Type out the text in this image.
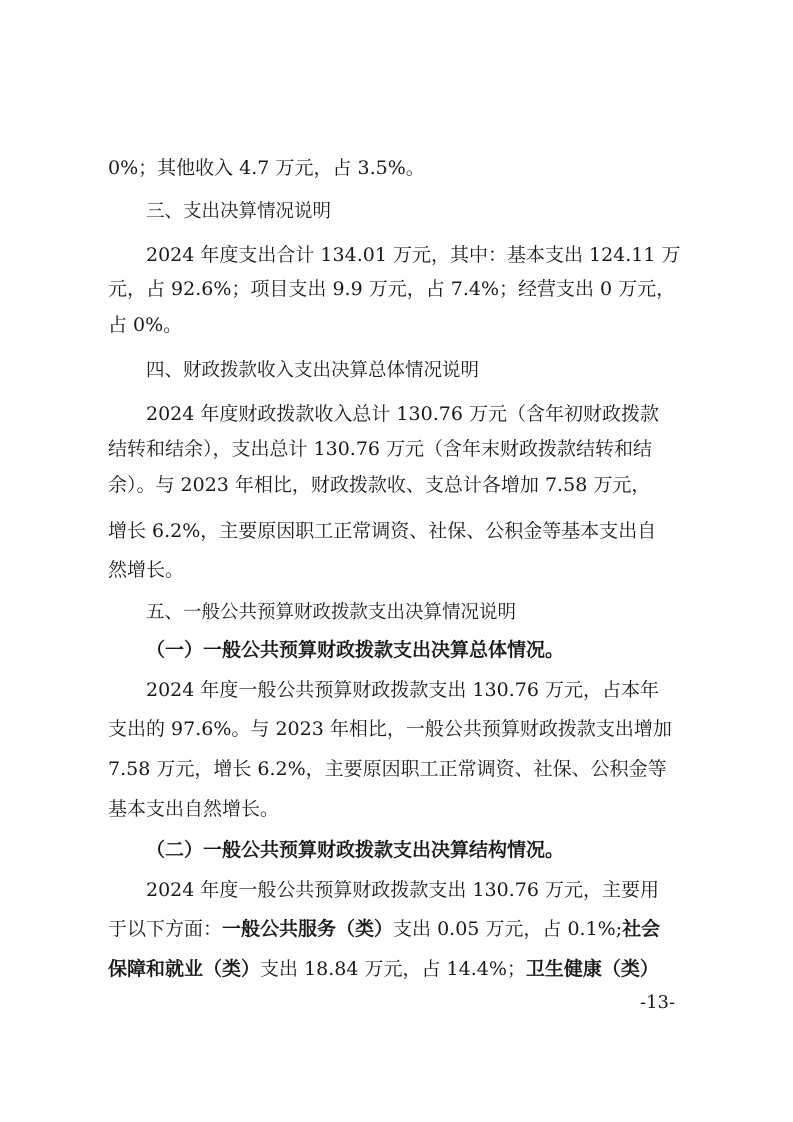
0%；其他收入 4.7 万元，占 3.5%。
三、支出决算情况说明
2024 年度支出合计 134.01 万元，其中：基本支出 124.11 万
元，占 92.6%；项目支出 9.9 万元，占 7.4%；经营支出 0 万元，
占 0%。
四、财政拨款收入支出决算总体情况说明
2024 年度财政拨款收入总计 130.76 万元（含年初财政拨款
结转和结余），支出总计 130.76 万元（含年末财政拨款结转和结
余）。与 2023 年相比，财政拨款收、支总计各增加 7.58 万元，
增长 6.2%，主要原因职工正常调资、社保、公积金等基本支出自
然增长。
五、一般公共预算财政拨款支出决算情况说明
（一）一般公共预算财政拨款支出决算总体情况。
2024 年度一般公共预算财政拨款支出 130.76 万元，占本年
支出的 97.6%。与 2023 年相比，一般公共预算财政拨款支出增加
7.58 万元，增长 6.2%，主要原因职工正常调资、社保、公积金等
基本支出自然增长。
（二）一般公共预算财政拨款支出决算结构情况。
2024 年度一般公共预算财政拨款支出 130.76 万元，主要用
于以下方面：一般公共服务（类）支出 0.05 万元，占 0.1%;社会
保障和就业（类）支出 18.84 万元，占 14.4%；卫生健康（类）
-13-
